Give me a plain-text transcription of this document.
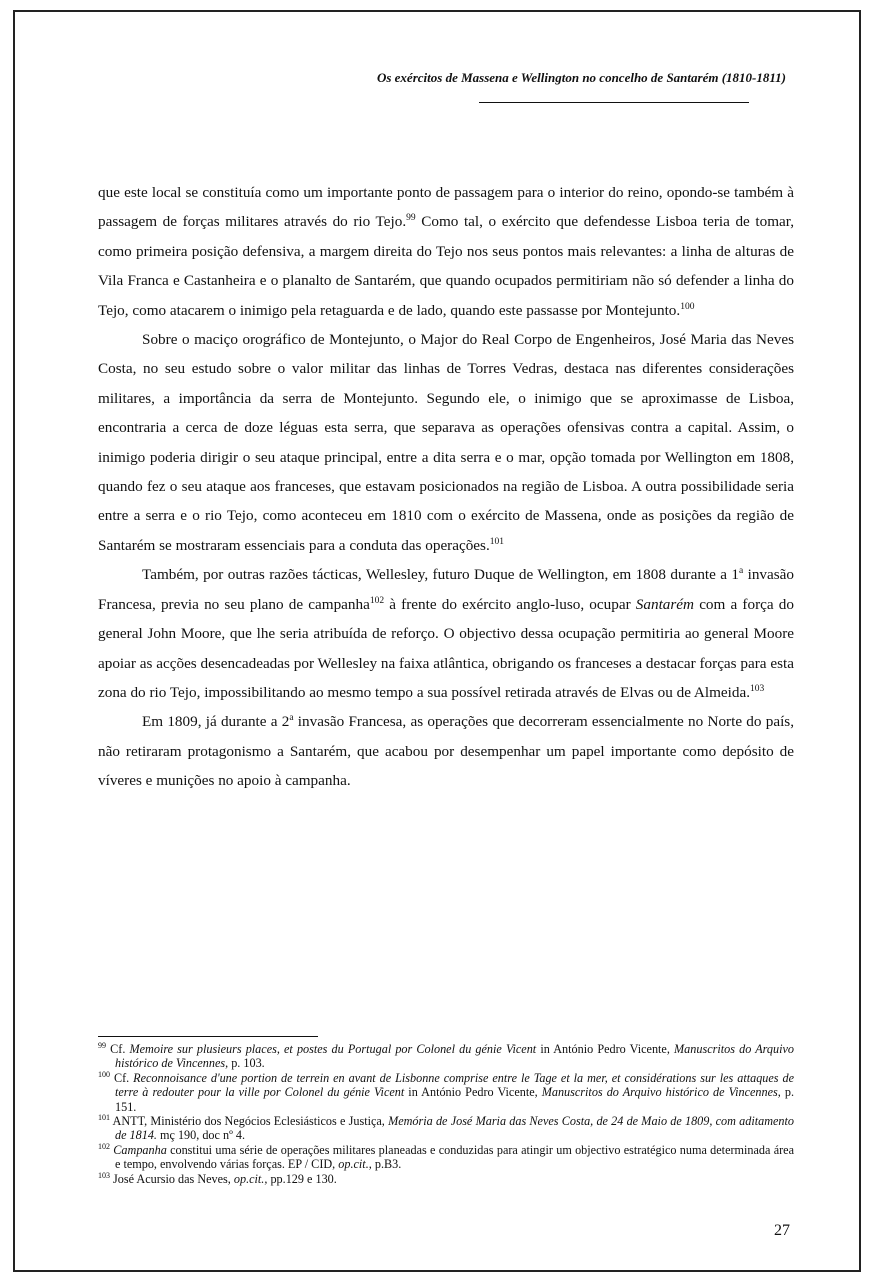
Os exércitos de Massena e Wellington no concelho de Santarém (1810-1811)

que este local se constituía como um importante ponto de passagem para o interior do reino, opondo-se também à passagem de forças militares através do rio Tejo.$^{99}$ Como tal, o exército que defendesse Lisboa teria de tomar, como primeira posição defensiva, a margem direita do Tejo nos seus pontos mais relevantes: a linha de alturas de Vila Franca e Castanheira e o planalto de Santarém, que quando ocupados permitiriam não só defender a linha do Tejo, como atacarem o inimigo pela retaguarda e de lado, quando este passasse por Montejunto.$^{100}$

Sobre o maciço orográfico de Montejunto, o Major do Real Corpo de Engenheiros, José Maria das Neves Costa, no seu estudo sobre o valor militar das linhas de Torres Vedras, destaca nas diferentes considerações militares, a importância da serra de Montejunto. Segundo ele, o inimigo que se aproximasse de Lisboa, encontraria a cerca de doze léguas esta serra, que separava as operações ofensivas contra a capital. Assim, o inimigo poderia dirigir o seu ataque principal, entre a dita serra e o mar, opção tomada por Wellington em 1808, quando fez o seu ataque aos franceses, que estavam posicionados na região de Lisboa. A outra possibilidade seria entre a serra e o rio Tejo, como aconteceu em 1810 com o exército de Massena, onde as posições da região de Santarém se mostraram essenciais para a conduta das operações.$^{101}$

Também, por outras razões tácticas, Wellesley, futuro Duque de Wellington, em 1808 durante a 1$^a$ invasão Francesa, previa no seu plano de campanha$^{102}$ à frente do exército anglo-luso, ocupar Santarém com a força do general John Moore, que lhe seria atribuída de reforço. O objectivo dessa ocupação permitiria ao general Moore apoiar as acções desencadeadas por Wellesley na faixa atlântica, obrigando os franceses a destacar forças para esta zona do rio Tejo, impossibilitando ao mesmo tempo a sua possível retirada através de Elvas ou de Almeida.$^{103}$

Em 1809, já durante a 2$^a$ invasão Francesa, as operações que decorreram essencialmente no Norte do país, não retiraram protagonismo a Santarém, que acabou por desempenhar um papel importante como depósito de víveres e munições no apoio à campanha.

$^{99}$ Cf. Memoire sur plusieurs places, et postes du Portugal por Colonel du génie Vicent in António Pedro Vicente, Manuscritos do Arquivo histórico de Vincennes, p. 103.

$^{100}$ Cf. Reconnoisance d'une portion de terrein en avant de Lisbonne comprise entre le Tage et la mer, et considérations sur les attaques de terre à redouter pour la ville por Colonel du génie Vicent in António Pedro Vicente, Manuscritos do Arquivo histórico de Vincennes, p. 151.

$^{101}$ ANTT, Ministério dos Negócios Eclesiásticos e Justiça, Memória de José Maria das Neves Costa, de 24 de Maio de 1809, com aditamento de 1814. mç 190, doc nº 4.

$^{102}$ Campanha constitui uma série de operações militares planeadas e conduzidas para atingir um objectivo estratégico numa determinada área e tempo, envolvendo várias forças. EP / CID, op.cit., p.B3.

$^{103}$ José Acursio das Neves, op.cit., pp.129 e 130.

27
